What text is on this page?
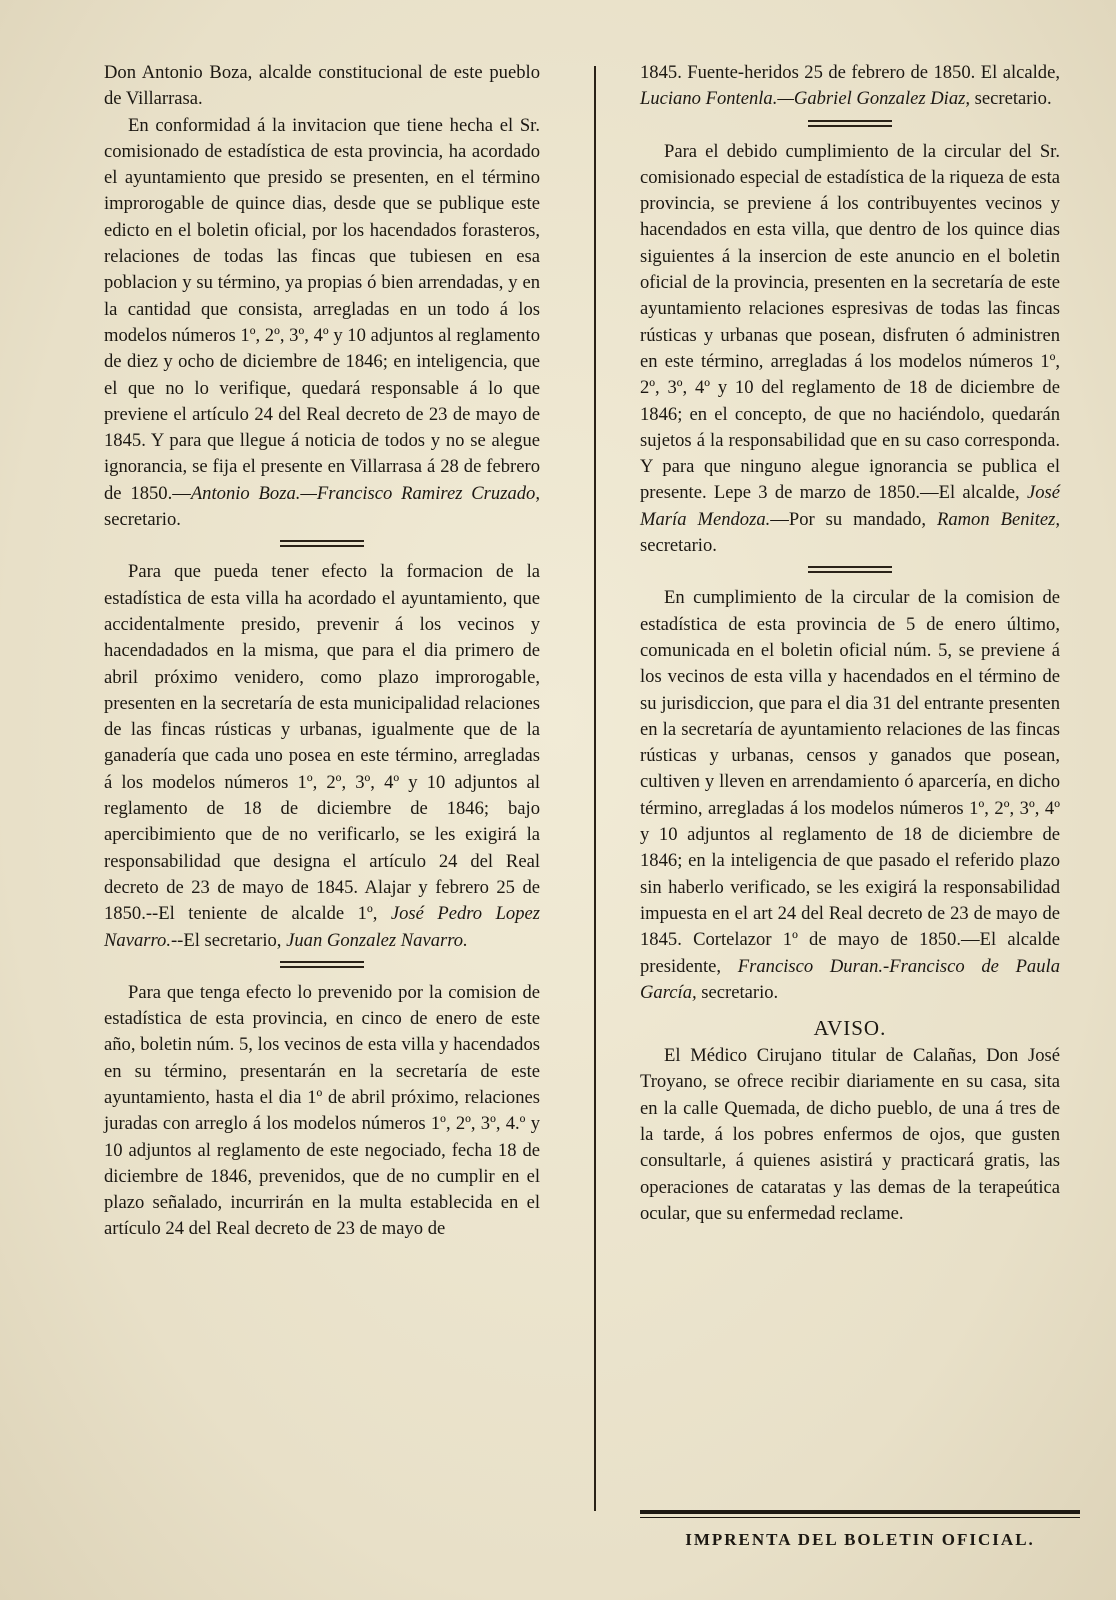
Don Antonio Boza, alcalde constitucional de este pueblo de Villarrasa.

En conformidad á la invitacion que tiene hecha el Sr. comisionado de estadística de esta provincia, ha acordado el ayuntamiento que presido se presenten, en el término improrogable de quince dias, desde que se publique este edicto en el boletin oficial, por los hacendados forasteros, relaciones de todas las fincas que tubiesen en esa poblacion y su término, ya propias ó bien arrendadas, y en la cantidad que consista, arregladas en un todo á los modelos números 1º, 2º, 3º, 4º y 10 adjuntos al reglamento de diez y ocho de diciembre de 1846; en inteligencia, que el que no lo verifique, quedará responsable á lo que previene el artículo 24 del Real decreto de 23 de mayo de 1845. Y para que llegue á noticia de todos y no se alegue ignorancia, se fija el presente en Villarrasa á 28 de febrero de 1850.—Antonio Boza.—Francisco Ramirez Cruzado, secretario.

Para que pueda tener efecto la formacion de la estadística de esta villa ha acordado el ayuntamiento, que accidentalmente presido, prevenir á los vecinos y hacendadados en la misma, que para el dia primero de abril próximo venidero, como plazo improrogable, presenten en la secretaría de esta municipalidad relaciones de las fincas rústicas y urbanas, igualmente que de la ganadería que cada uno posea en este término, arregladas á los modelos números 1º, 2º, 3º, 4º y 10 adjuntos al reglamento de 18 de diciembre de 1846; bajo apercibimiento que de no verificarlo, se les exigirá la responsabilidad que designa el artículo 24 del Real decreto de 23 de mayo de 1845. Alajar y febrero 25 de 1850.--El teniente de alcalde 1º, José Pedro Lopez Navarro.--El secretario, Juan Gonzalez Navarro.

Para que tenga efecto lo prevenido por la comision de estadística de esta provincia, en cinco de enero de este año, boletin núm. 5, los vecinos de esta villa y hacendados en su término, presentarán en la secretaría de este ayuntamiento, hasta el dia 1º de abril próximo, relaciones juradas con arreglo á los modelos números 1º, 2º, 3º, 4.º y 10 adjuntos al reglamento de este negociado, fecha 18 de diciembre de 1846, prevenidos, que de no cumplir en el plazo señalado, incurrirán en la multa establecida en el artículo 24 del Real decreto de 23 de mayo de

1845. Fuente-heridos 25 de febrero de 1850. El alcalde, Luciano Fontenla.—Gabriel Gonzalez Diaz, secretario.

Para el debido cumplimiento de la circular del Sr. comisionado especial de estadística de la riqueza de esta provincia, se previene á los contribuyentes vecinos y hacendados en esta villa, que dentro de los quince dias siguientes á la insercion de este anuncio en el boletin oficial de la provincia, presenten en la secretaría de este ayuntamiento relaciones espresivas de todas las fincas rústicas y urbanas que posean, disfruten ó administren en este término, arregladas á los modelos números 1º, 2º, 3º, 4º y 10 del reglamento de 18 de diciembre de 1846; en el concepto, de que no haciéndolo, quedarán sujetos á la responsabilidad que en su caso corresponda. Y para que ninguno alegue ignorancia se publica el presente. Lepe 3 de marzo de 1850.—El alcalde, José María Mendoza.—Por su mandado, Ramon Benitez, secretario.

En cumplimiento de la circular de la comision de estadística de esta provincia de 5 de enero último, comunicada en el boletin oficial núm. 5, se previene á los vecinos de esta villa y hacendados en el término de su jurisdiccion, que para el dia 31 del entrante presenten en la secretaría de ayuntamiento relaciones de las fincas rústicas y urbanas, censos y ganados que posean, cultiven y lleven en arrendamiento ó aparcería, en dicho término, arregladas á los modelos números 1º, 2º, 3º, 4º y 10 adjuntos al reglamento de 18 de diciembre de 1846; en la inteligencia de que pasado el referido plazo sin haberlo verificado, se les exigirá la responsabilidad impuesta en el art 24 del Real decreto de 23 de mayo de 1845. Cortelazor 1º de mayo de 1850.—El alcalde presidente, Francisco Duran.-Francisco de Paula García, secretario.

AVISO.

El Médico Cirujano titular de Calañas, Don José Troyano, se ofrece recibir diariamente en su casa, sita en la calle Quemada, de dicho pueblo, de una á tres de la tarde, á los pobres enfermos de ojos, que gusten consultarle, á quienes asistirá y practicará gratis, las operaciones de cataratas y las demas de la terapeútica ocular, que su enfermedad reclame.

IMPRENTA DEL BOLETIN OFICIAL.
